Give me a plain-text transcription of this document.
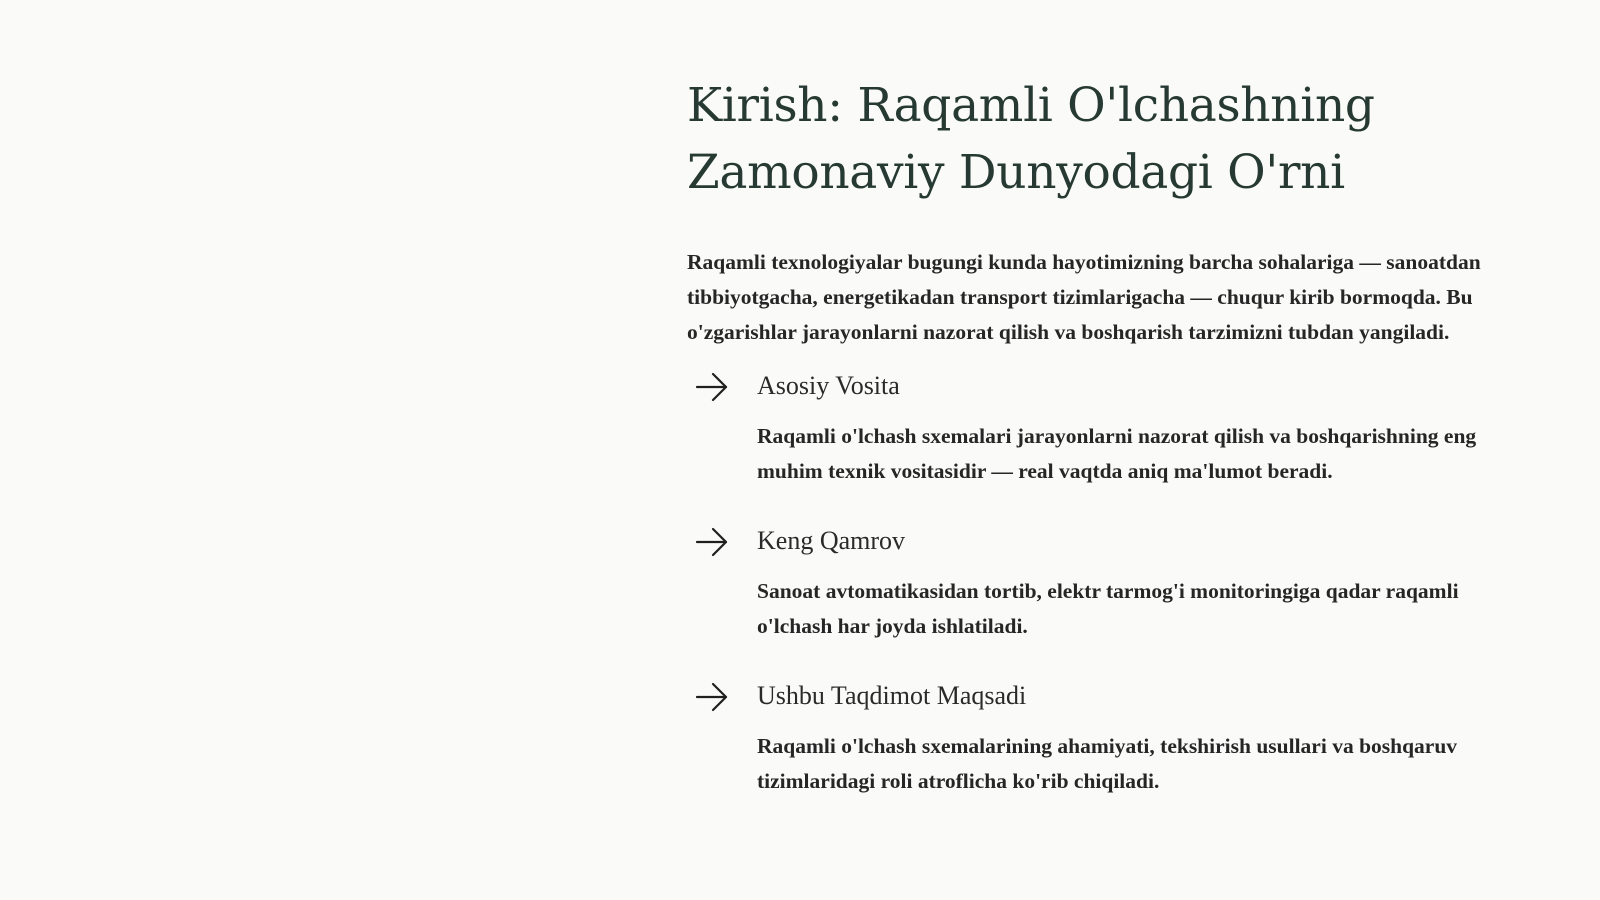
Kirish: Raqamli O'lchashning Zamonaviy Dunyodagi O'rni

Raqamli texnologiyalar bugungi kunda hayotimizning barcha sohalariga — sanoatdan tibbiyotgacha, energetikadan transport tizimlarigacha — chuqur kirib bormoqda. Bu o'zgarishlar jarayonlarni nazorat qilish va boshqarish tarzimizni tubdan yangiladi.

Asosiy Vosita

Raqamli o'lchash sxemalari jarayonlarni nazorat qilish va boshqarishning eng muhim texnik vositasidir — real vaqtda aniq ma'lumot beradi.

Keng Qamrov

Sanoat avtomatikasidan tortib, elektr tarmog'i monitoringiga qadar raqamli o'lchash har joyda ishlatiladi.

Ushbu Taqdimot Maqsadi

Raqamli o'lchash sxemalarining ahamiyati, tekshirish usullari va boshqaruv tizimlaridagi roli atroflicha ko'rib chiqiladi.
